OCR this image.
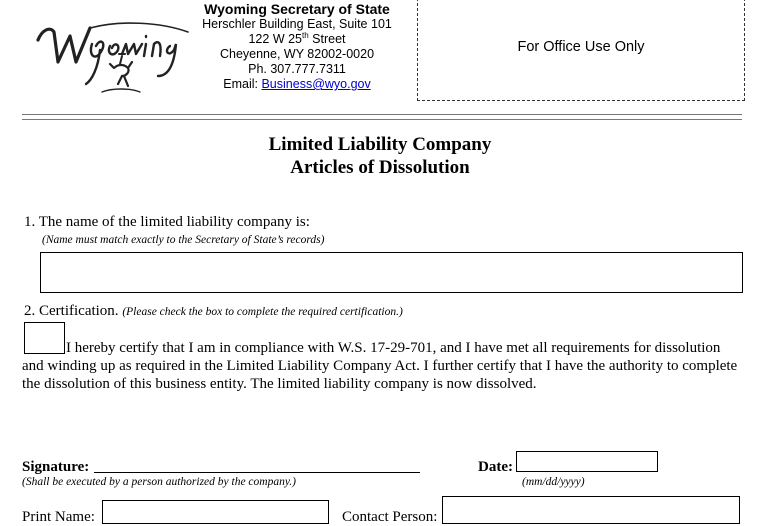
Wyoming Secretary of State
Herschler Building East, Suite 101
122 W 25th Street
Cheyenne, WY 82002-0020
Ph. 307.777.7311
Email: Business@wyo.gov
For Office Use Only
Limited Liability Company
Articles of Dissolution
1. The name of the limited liability company is:
(Name must match exactly to the Secretary of State’s records)
2. Certification. (Please check the box to complete the required certification.)
I hereby certify that I am in compliance with W.S. 17-29-701, and I have met all requirements for dissolution and winding up as required in the Limited Liability Company Act. I further certify that I have the authority to complete the dissolution of this business entity. The limited liability company is now dissolved.
Signature:
(Shall be executed by a person authorized by the company.)
Date:
(mm/dd/yyyy)
Print Name:	Contact Person:
